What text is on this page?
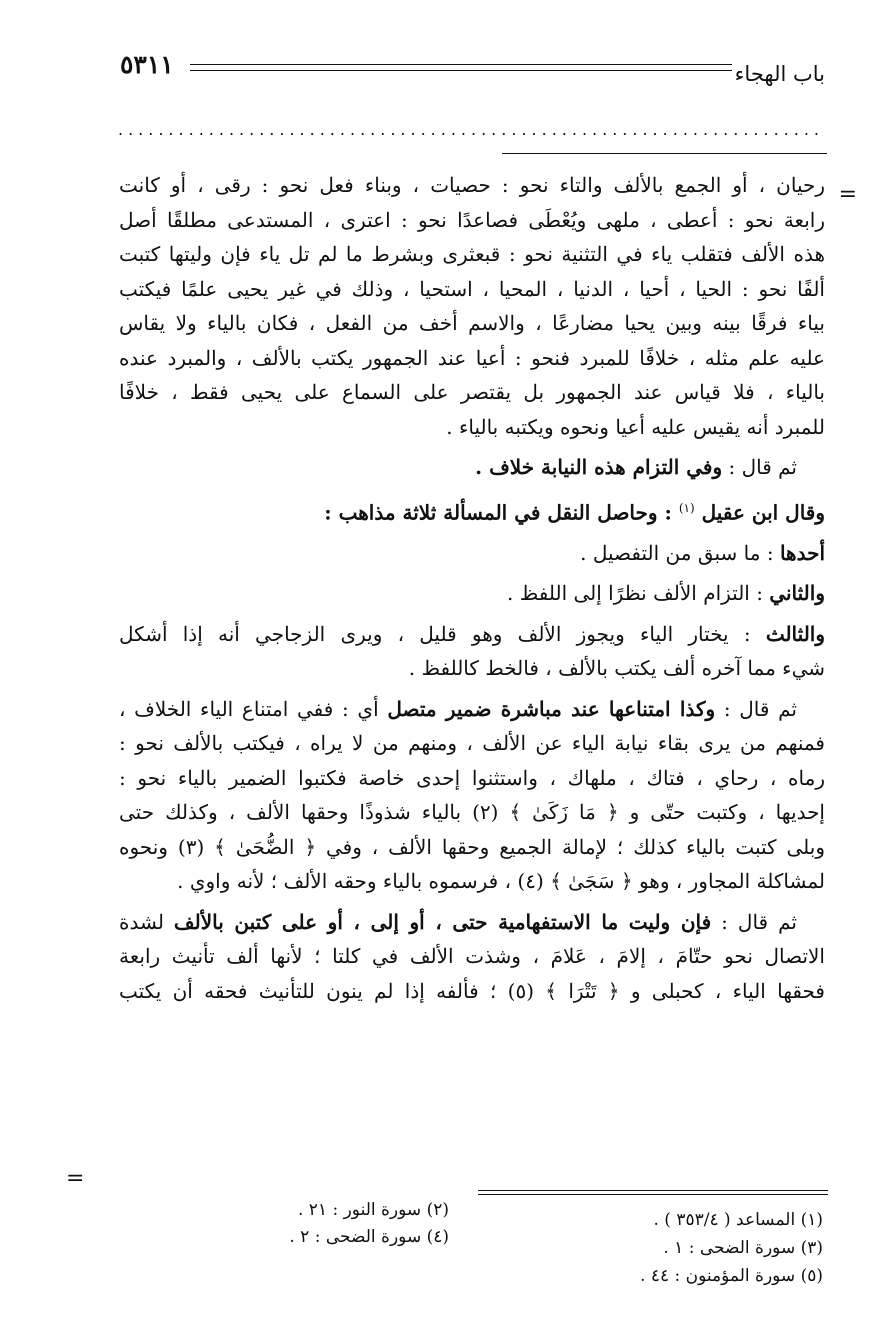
باب الهجاء
٥٣١١
......................................................................
=
رحيان ، أو الجمع بالألف والتاء نحو : حصيات ، وبناء فعل نحو : رقى ، أو كانت
رابعة نحو : أعطى ، ملهى ويُعْطَى فصاعدًا نحو : اعترى ، المستدعى مطلقًا أصل
هذه الألف فتقلب ياء في التثنية نحو : قبعثرى وبشرط ما لم تل ياء فإن وليتها كتبت
ألفًا نحو : الحيا ، أحيا ، الدنيا ، المحيا ، استحيا ، وذلك في غير يحيى علمًا فيكتب
بياء فرقًا بينه وبين يحيا مضارعًا ، والاسم أخف من الفعل ، فكان بالياء ولا يقاس
عليه علم مثله ، خلافًا للمبرد فنحو : أعيا عند الجمهور يكتب بالألف ، والمبرد عنده
بالياء ، فلا قياس عند الجمهور بل يقتصر على السماع على يحيى فقط ، خلافًا
للمبرد أنه يقيس عليه أعيا ونحوه ويكتبه بالياء .
ثم قال : وفي التزام هذه النيابة خلاف .
وقال ابن عقيل $^{(١)}$ : وحاصل النقل في المسألة ثلاثة مذاهب :
أحدها : ما سبق من التفصيل .
والثاني : التزام الألف نظرًا إلى اللفظ .
والثالث : يختار الياء ويجوز الألف وهو قليل ، ويرى الزجاجي أنه إذا أشكل
شيء مما آخره ألف يكتب بالألف ، فالخط كاللفظ .
ثم قال : وكذا امتناعها عند مباشرة ضمير متصل أي : ففي امتناع الياء الخلاف ،
فمنهم من يرى بقاء نيابة الياء عن الألف ، ومنهم من لا يراه ، فيكتب بالألف نحو :
رماه ، رحاي ، فتاك ، ملهاك ، واستثنوا إحدى خاصة فكتبوا الضمير بالياء نحو :
إحديها ، وكتبت حتّى و ﴿ مَا زَكَىٰ ﴾ (٢) بالياء شذوذًا وحقها الألف ، وكذلك حتى
وبلى كتبت بالياء كذلك ؛ لإمالة الجميع وحقها الألف ، وفي ﴿ الضُّحَىٰ ﴾ (٣) ونحوه
لمشاكلة المجاور ، وهو ﴿ سَجَىٰ ﴾ (٤) ، فرسموه بالياء وحقه الألف ؛ لأنه واوي .
ثم قال : فإن وليت ما الاستفهامية حتى ، أو إلى ، أو على كتبن بالألف لشدة
الاتصال نحو حتّامَ ، إلامَ ، عَلامَ ، وشذت الألف في كلتا ؛ لأنها ألف تأنيث رابعة
فحقها الياء ، كحبلى و ﴿ تَتْرَا ﴾ (٥) ؛ فألفه إذا لم ينون للتأنيث فحقه أن يكتب
=
(١) المساعد ( ٣٥٣/٤ ) .
(٢) سورة النور : ٢١ .
(٣) سورة الضحى : ١ .
(٤) سورة الضحى : ٢ .
(٥) سورة المؤمنون : ٤٤ .
